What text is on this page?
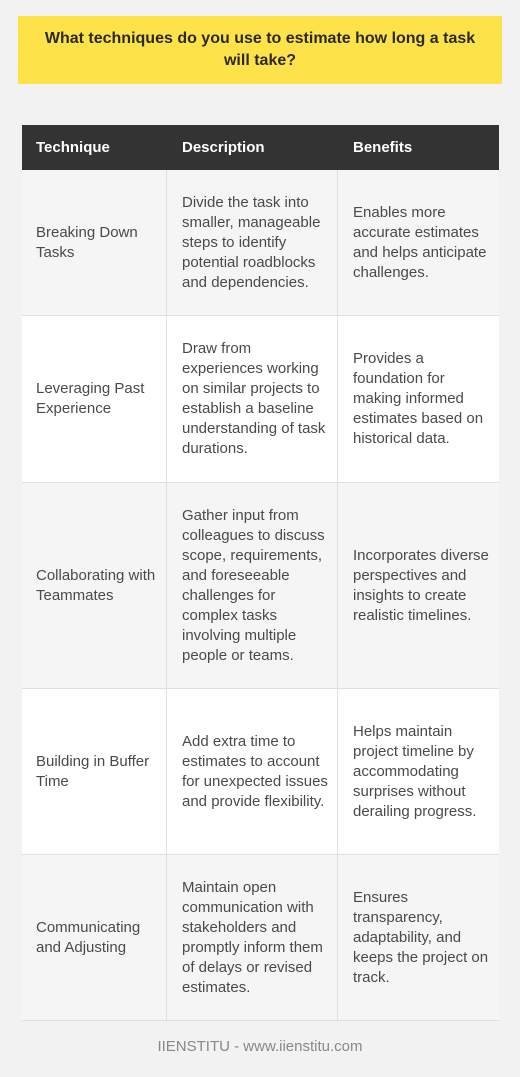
What techniques do you use to estimate how long a task will take?
Technique	Description	Benefits
Breaking Down Tasks
Divide the task into smaller, manageable steps to identify potential roadblocks and dependencies.
Enables more accurate estimates and helps anticipate challenges.
Leveraging Past Experience
Draw from experiences working on similar projects to establish a baseline understanding of task durations.
Provides a foundation for making informed estimates based on historical data.
Collaborating with Teammates
Gather input from colleagues to discuss scope, requirements, and foreseeable challenges for complex tasks involving multiple people or teams.
Incorporates diverse perspectives and insights to create realistic timelines.
Building in Buffer Time
Add extra time to estimates to account for unexpected issues and provide flexibility.
Helps maintain project timeline by accommodating surprises without derailing progress.
Communicating and Adjusting
Maintain open communication with stakeholders and promptly inform them of delays or revised estimates.
Ensures transparency, adaptability, and keeps the project on track.
IIENSTITU - www.iienstitu.com
